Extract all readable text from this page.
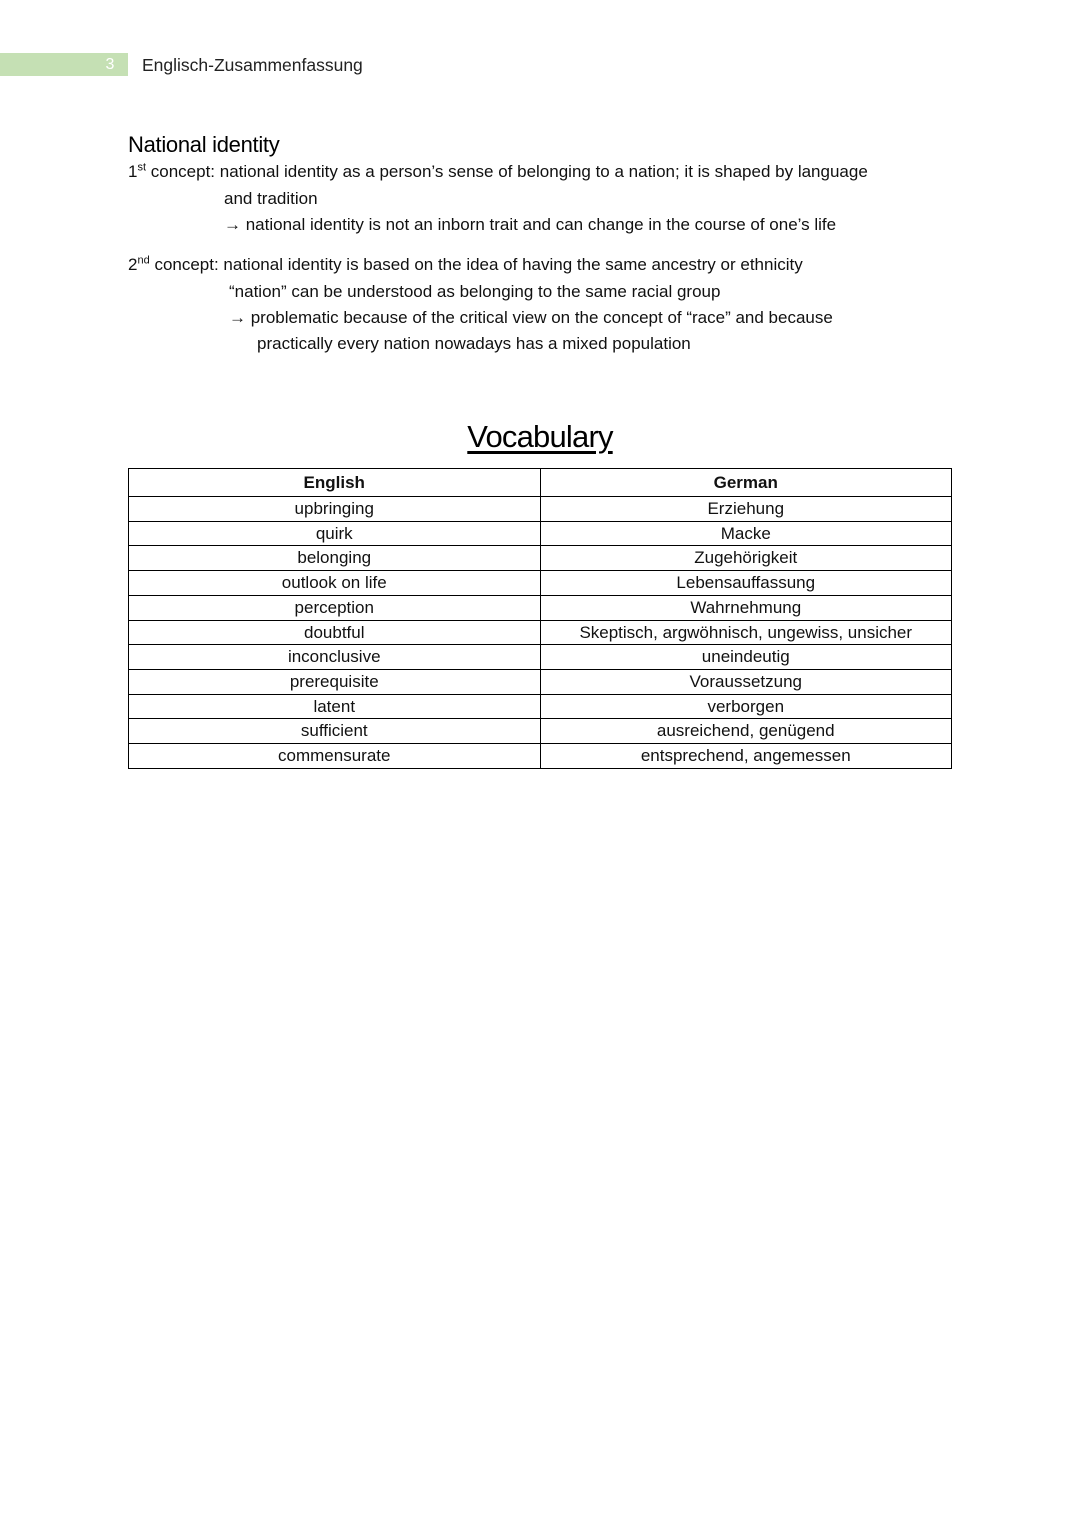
3	Englisch-Zusammenfassung
National identity
1st concept: national identity as a person’s sense of belonging to a nation; it is shaped by language
and tradition
→ national identity is not an inborn trait and can change in the course of one’s life
2nd concept: national identity is based on the idea of having the same ancestry or ethnicity
“nation” can be understood as belonging to the same racial group
→ problematic because of the critical view on the concept of “race” and because
practically every nation nowadays has a mixed population
Vocabulary
English	German
upbringing	Erziehung
quirk	Macke
belonging	Zugehörigkeit
outlook on life	Lebensauffassung
perception	Wahrnehmung
doubtful	Skeptisch, argwöhnisch, ungewiss, unsicher
inconclusive	uneindeutig
prerequisite	Voraussetzung
latent	verborgen
sufficient	ausreichend, genügend
commensurate	entsprechend, angemessen
